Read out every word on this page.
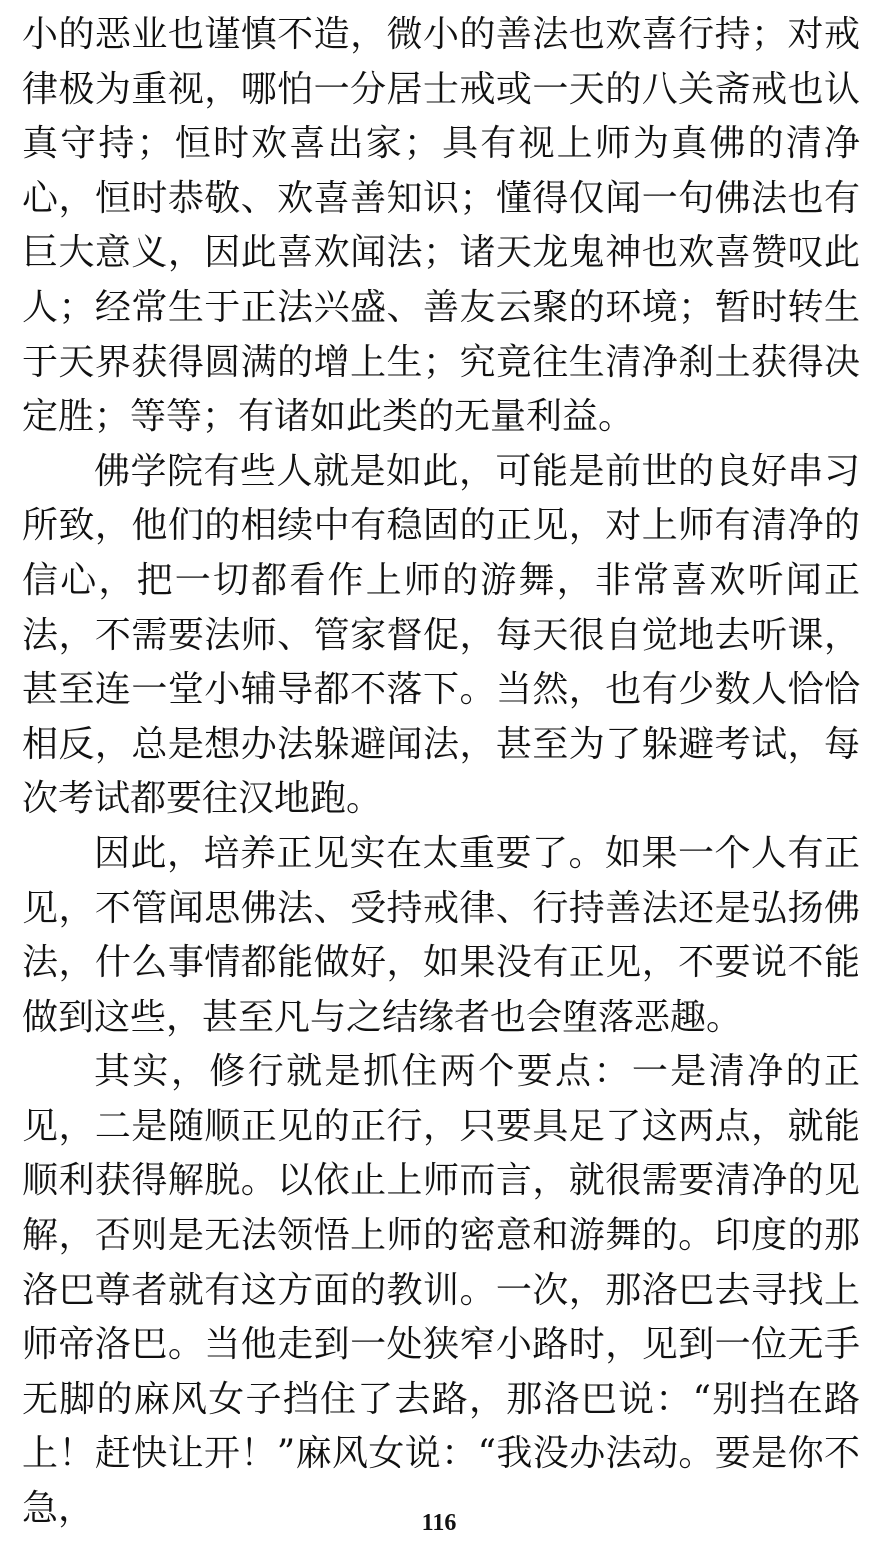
小的恶业也谨慎不造，微小的善法也欢喜行持；对戒律极为重视，哪怕一分居士戒或一天的八关斋戒也认真守持；恒时欢喜出家；具有视上师为真佛的清净心，恒时恭敬、欢喜善知识；懂得仅闻一句佛法也有巨大意义，因此喜欢闻法；诸天龙鬼神也欢喜赞叹此人；经常生于正法兴盛、善友云聚的环境；暂时转生于天界获得圆满的增上生；究竟往生清净刹土获得决定胜；等等；有诸如此类的无量利益。

佛学院有些人就是如此，可能是前世的良好串习所致，他们的相续中有稳固的正见，对上师有清净的信心，把一切都看作上师的游舞，非常喜欢听闻正法，不需要法师、管家督促，每天很自觉地去听课，甚至连一堂小辅导都不落下。当然，也有少数人恰恰相反，总是想办法躲避闻法，甚至为了躲避考试，每次考试都要往汉地跑。

因此，培养正见实在太重要了。如果一个人有正见，不管闻思佛法、受持戒律、行持善法还是弘扬佛法，什么事情都能做好，如果没有正见，不要说不能做到这些，甚至凡与之结缘者也会堕落恶趣。

其实，修行就是抓住两个要点：一是清净的正见，二是随顺正见的正行，只要具足了这两点，就能顺利获得解脱。以依止上师而言，就很需要清净的见解，否则是无法领悟上师的密意和游舞的。印度的那洛巴尊者就有这方面的教训。一次，那洛巴去寻找上师帝洛巴。当他走到一处狭窄小路时，见到一位无手无脚的麻风女子挡住了去路，那洛巴说：“别挡在路上！赶快让开！”麻风女说：“我没办法动。要是你不急，	116
